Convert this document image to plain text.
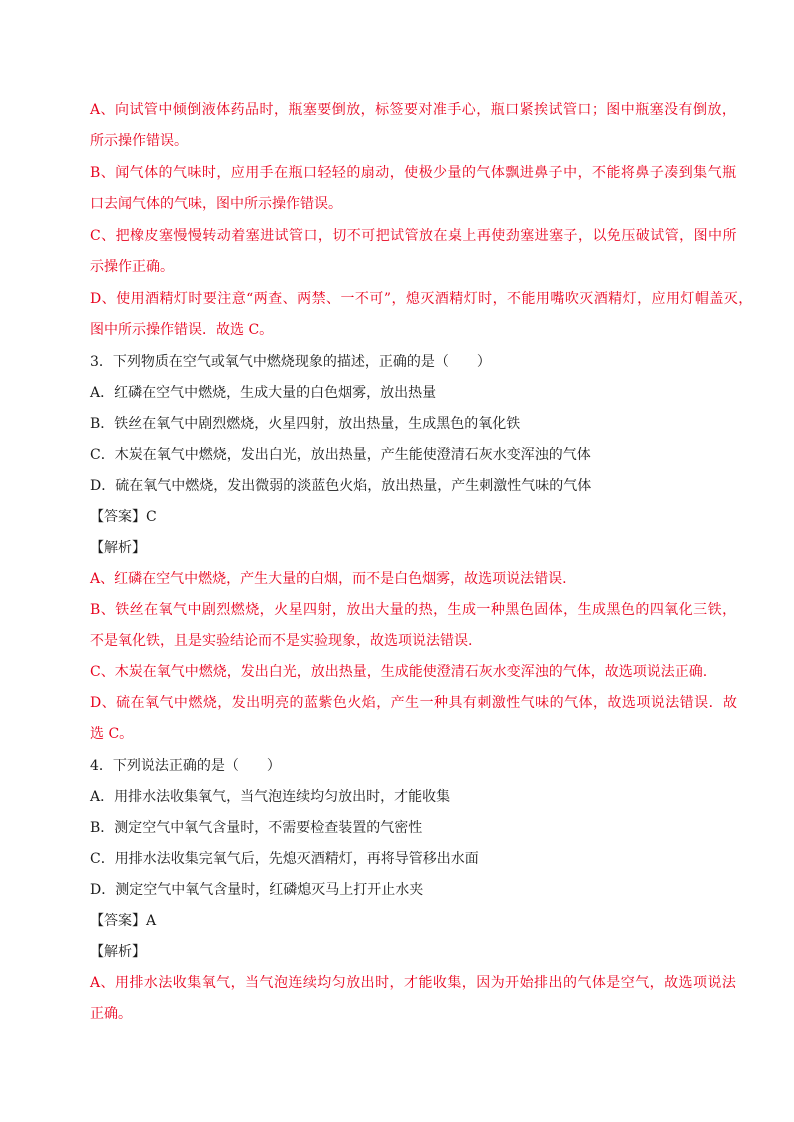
A、向试管中倾倒液体药品时，瓶塞要倒放，标签要对准手心，瓶口紧挨试管口；图中瓶塞没有倒放，
所示操作错误。
B、闻气体的气味时，应用手在瓶口轻轻的扇动，使极少量的气体飘进鼻子中，不能将鼻子凑到集气瓶
口去闻气体的气味，图中所示操作错误。
C、把橡皮塞慢慢转动着塞进试管口，切不可把试管放在桌上再使劲塞进塞子，以免压破试管，图中所
示操作正确。
D、使用酒精灯时要注意“两查、两禁、一不可”，熄灭酒精灯时，不能用嘴吹灭酒精灯，应用灯帽盖灭，
图中所示操作错误．故选 C。
3．下列物质在空气或氧气中燃烧现象的描述，正确的是（　　）
A．红磷在空气中燃烧，生成大量的白色烟雾，放出热量
B．铁丝在氧气中剧烈燃烧，火星四射，放出热量，生成黑色的氧化铁
C．木炭在氧气中燃烧，发出白光，放出热量，产生能使澄清石灰水变浑浊的气体
D．硫在氧气中燃烧，发出微弱的淡蓝色火焰，放出热量，产生刺激性气味的气体
【答案】C
【解析】
A、红磷在空气中燃烧，产生大量的白烟，而不是白色烟雾，故选项说法错误.
B、铁丝在氧气中剧烈燃烧，火星四射，放出大量的热，生成一种黑色固体，生成黑色的四氧化三铁，
不是氧化铁，且是实验结论而不是实验现象，故选项说法错误.
C、木炭在氧气中燃烧，发出白光，放出热量，生成能使澄清石灰水变浑浊的气体，故选项说法正确.
D、硫在氧气中燃烧，发出明亮的蓝紫色火焰，产生一种具有刺激性气味的气体，故选项说法错误．故
选 C。
4．下列说法正确的是（　　）
A．用排水法收集氧气，当气泡连续均匀放出时，才能收集
B．测定空气中氧气含量时，不需要检查装置的气密性
C．用排水法收集完氧气后，先熄灭酒精灯，再将导管移出水面
D．测定空气中氧气含量时，红磷熄灭马上打开止水夹
【答案】A
【解析】
A、用排水法收集氧气，当气泡连续均匀放出时，才能收集，因为开始排出的气体是空气，故选项说法
正确。
